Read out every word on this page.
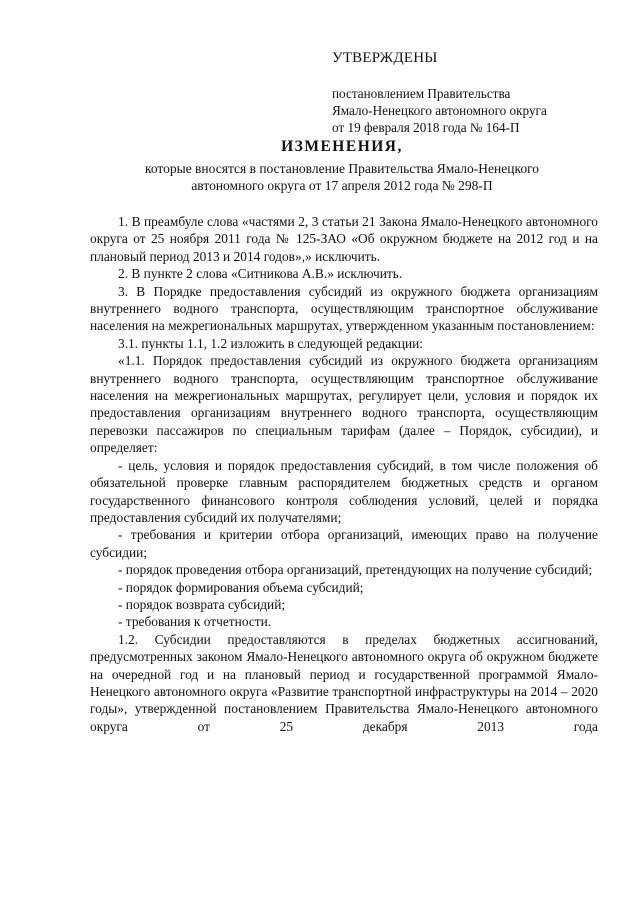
УТВЕРЖДЕНЫ
постановлением Правительства
Ямало-Ненецкого автономного округа
от 19 февраля 2018 года № 164-П
ИЗМЕНЕНИЯ,
которые вносятся в постановление Правительства Ямало-Ненецкого
автономного округа от 17 апреля 2012 года № 298-П

1. В преамбуле слова «частями 2, 3 статьи 21 Закона Ямало-Ненецкого автономного округа от 25 ноября 2011 года № 125-ЗАО «Об окружном бюджете на 2012 год и на плановый период 2013 и 2014 годов»,» исключить.

2. В пункте 2 слова «Ситникова А.В.» исключить.

3. В Порядке предоставления субсидий из окружного бюджета организациям внутреннего водного транспорта, осуществляющим транспортное обслуживание населения на межрегиональных маршрутах, утвержденном указанным постановлением:

3.1. пункты 1.1, 1.2 изложить в следующей редакции:

«1.1. Порядок предоставления субсидий из окружного бюджета организациям внутреннего водного транспорта, осуществляющим транспортное обслуживание населения на межрегиональных маршрутах, регулирует цели, условия и порядок их предоставления организациям внутреннего водного транспорта, осуществляющим перевозки пассажиров по специальным тарифам (далее – Порядок, субсидии), и определяет:

- цель, условия и порядок предоставления субсидий, в том числе положения об обязательной проверке главным распорядителем бюджетных средств и органом государственного финансового контроля соблюдения условий, целей и порядка предоставления субсидий их получателями;

- требования и критерии отбора организаций, имеющих право на получение субсидии;

- порядок проведения отбора организаций, претендующих на получение субсидий;

- порядок формирования объема субсидий;

- порядок возврата субсидий;

- требования к отчетности.

1.2. Субсидии предоставляются в пределах бюджетных ассигнований, предусмотренных законом Ямало-Ненецкого автономного округа об окружном бюджете на очередной год и на плановый период и государственной программой Ямало-Ненецкого автономного округа «Развитие транспортной инфраструктуры на 2014 – 2020 годы», утвержденной постановлением Правительства Ямало-Ненецкого автономного округа от 25 декабря 2013 года
